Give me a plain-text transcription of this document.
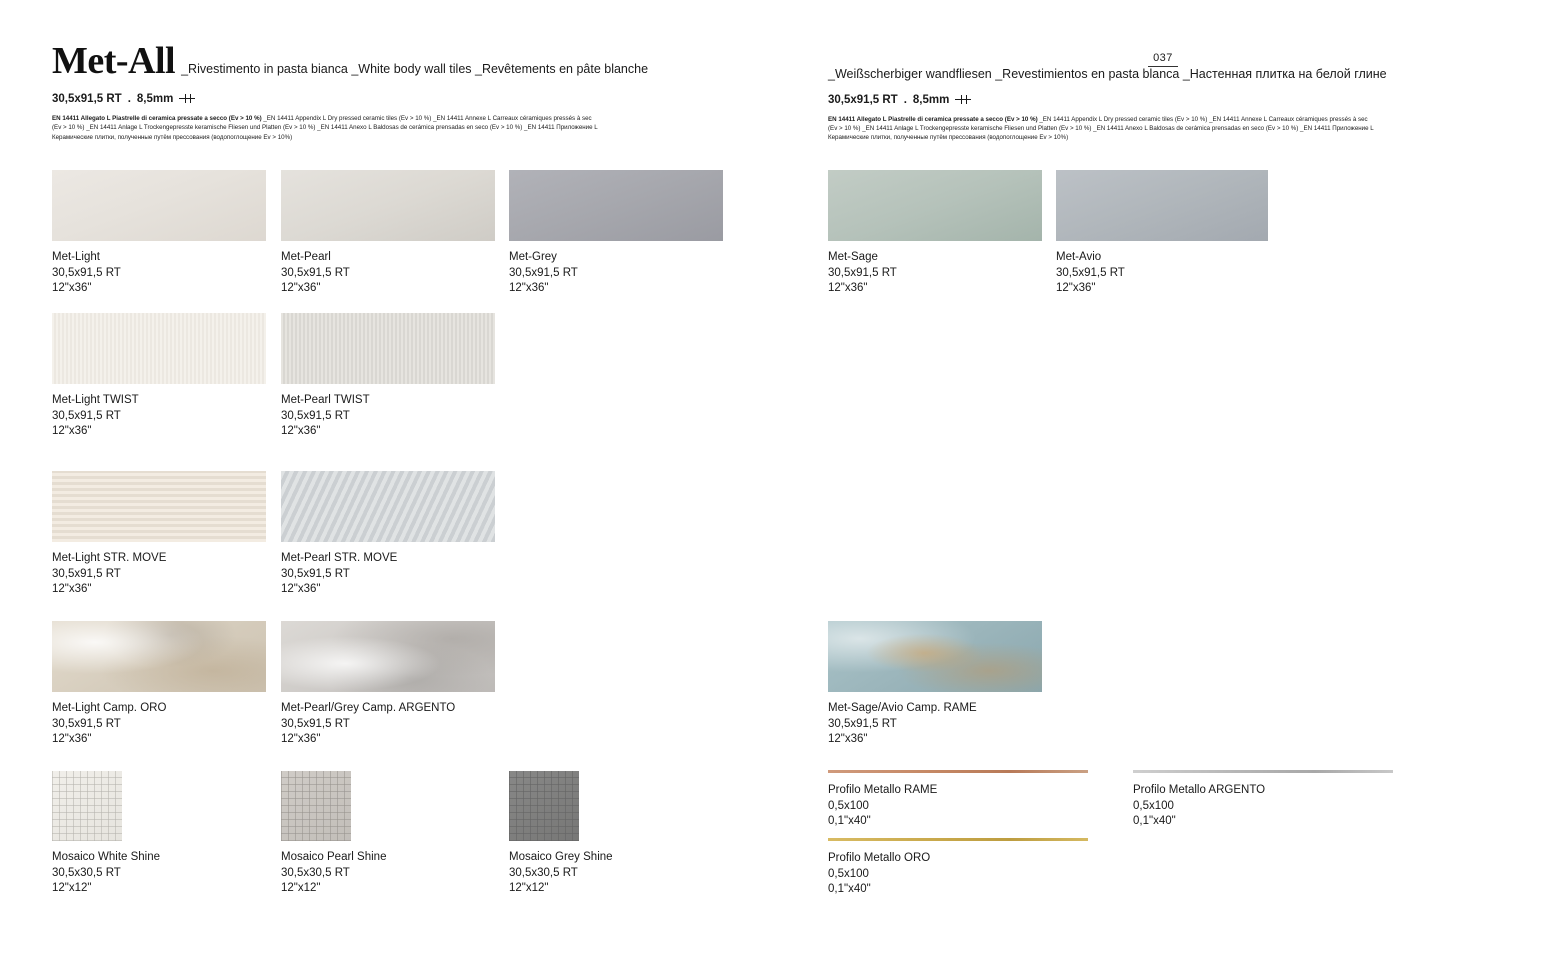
Met-All _Rivestimento in pasta bianca _White body wall tiles _Revêtements en pâte blanche
30,5x91,5 RT . 8,5mm
EN 14411 Allegato L Piastrelle di ceramica pressate a secco (Ev > 10 %) _EN 14411 Appendix L Dry pressed ceramic tiles (Ev > 10 %) _EN 14411 Annexe L Carreaux céramiques pressés à sec
(Ev > 10 %) _EN 14411 Anlage L Trockengepresste keramische Fliesen und Platten (Ev > 10 %) _EN 14411 Anexo L Baldosas de cerámica prensadas en seco (Ev > 10 %) _EN 14411 Приложение L
Керамические плитки, полученные путём прессования (водопоглощение Ev > 10%)
_Weißscherbiger wandfliesen _Revestimientos en pasta blanca _Настенная плитка на белой глине
30,5x91,5 RT . 8,5mm
EN 14411 Allegato L Piastrelle di ceramica pressate a secco (Ev > 10 %) _EN 14411 Appendix L Dry pressed ceramic tiles (Ev > 10 %) _EN 14411 Annexe L Carreaux céramiques pressés à sec
(Ev > 10 %) _EN 14411 Anlage L Trockengepresste keramische Fliesen und Platten (Ev > 10 %) _EN 14411 Anexo L Baldosas de cerámica prensadas en seco (Ev > 10 %) _EN 14411 Приложение L
Керамические плитки, полученные путём прессования (водопоглощение Ev > 10%)
037
Met-Light
30,5x91,5 RT
12"x36"
Met-Pearl
30,5x91,5 RT
12"x36"
Met-Grey
30,5x91,5 RT
12"x36"
Met-Sage
30,5x91,5 RT
12"x36"
Met-Avio
30,5x91,5 RT
12"x36"
Met-Light TWIST
30,5x91,5 RT
12"x36"
Met-Pearl TWIST
30,5x91,5 RT
12"x36"
Met-Light STR. MOVE
30,5x91,5 RT
12"x36"
Met-Pearl STR. MOVE
30,5x91,5 RT
12"x36"
Met-Light Camp. ORO
30,5x91,5 RT
12"x36"
Met-Pearl/Grey Camp. ARGENTO
30,5x91,5 RT
12"x36"
Met-Sage/Avio Camp. RAME
30,5x91,5 RT
12"x36"
Mosaico White Shine
30,5x30,5 RT
12"x12"
Mosaico Pearl Shine
30,5x30,5 RT
12"x12"
Mosaico Grey Shine
30,5x30,5 RT
12"x12"
Profilo Metallo RAME
0,5x100
0,1"x40"
Profilo Metallo ARGENTO
0,5x100
0,1"x40"
Profilo Metallo ORO
0,5x100
0,1"x40"
